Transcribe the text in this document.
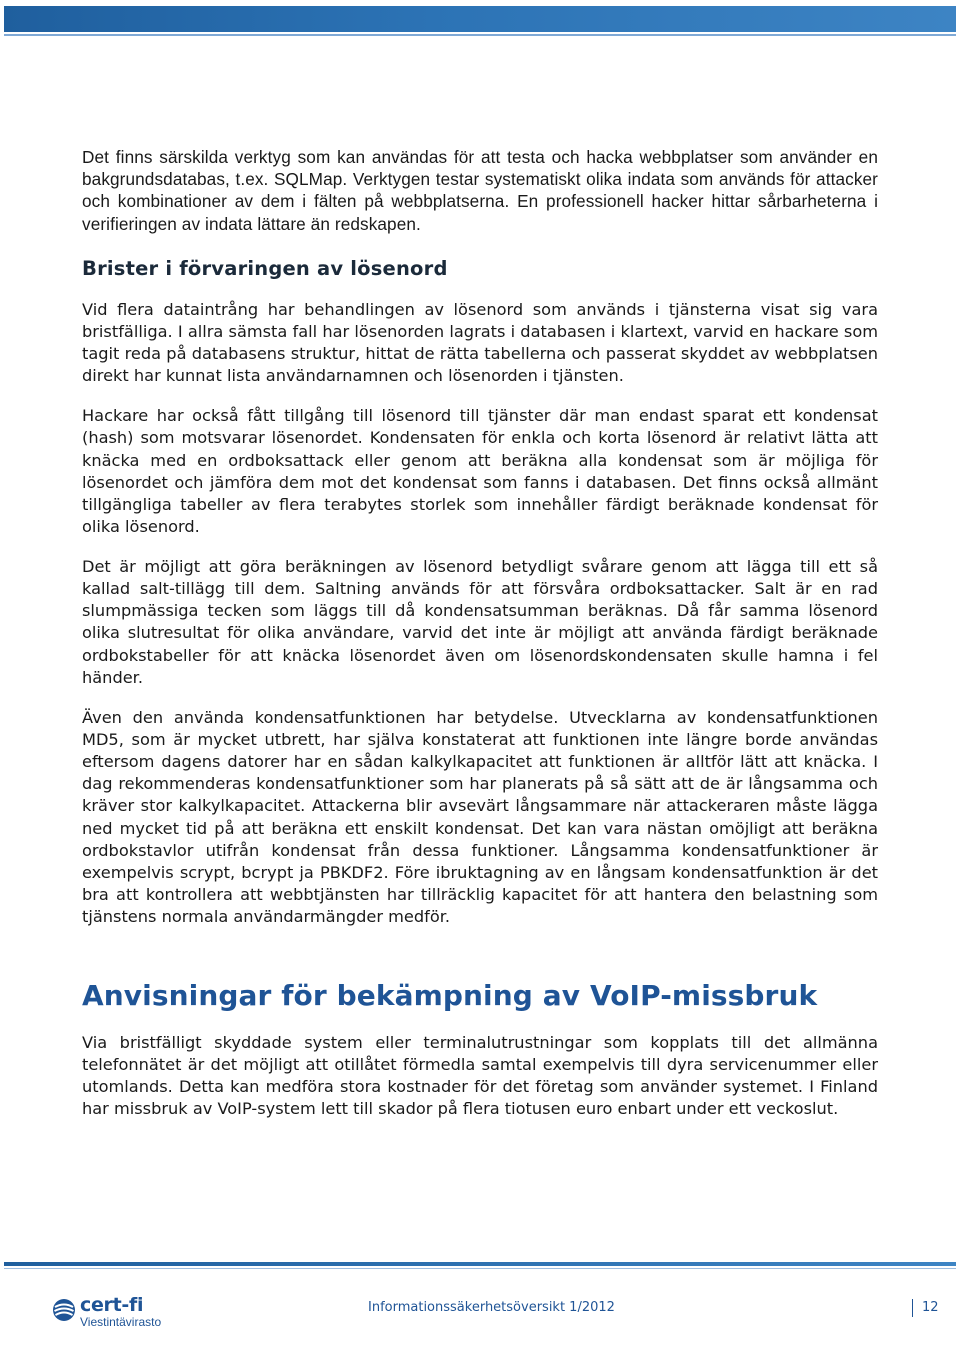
Det finns särskilda verktyg som kan användas för att testa och hacka webbplatser som använder en bakgrundsdatabas, t.ex. SQLMap. Verktygen testar systematiskt olika indata som används för attacker och kombinationer av dem i fälten på webbplatserna. En professionell hacker hittar sårbarheterna i verifieringen av indata lättare än redskapen.

Brister i förvaringen av lösenord

Vid flera dataintrång har behandlingen av lösenord som används i tjänsterna visat sig vara bristfälliga. I allra sämsta fall har lösenorden lagrats i databasen i klartext, varvid en hackare som tagit reda på databasens struktur, hittat de rätta tabellerna och passerat skyddet av webbplatsen direkt har kunnat lista användarnamnen och lösenorden i tjänsten.

Hackare har också fått tillgång till lösenord till tjänster där man endast sparat ett kondensat (hash) som motsvarar lösenordet. Kondensaten för enkla och korta lösenord är relativt lätta att knäcka med en ordboksattack eller genom att beräkna alla kondensat som är möjliga för lösenordet och jämföra dem mot det kondensat som fanns i databasen. Det finns också allmänt tillgängliga tabeller av flera terabytes storlek som innehåller färdigt beräknade kondensat för olika lösenord.

Det är möjligt att göra beräkningen av lösenord betydligt svårare genom att lägga till ett så kallad salt-tillägg till dem. Saltning används för att försvåra ordboksattacker. Salt är en rad slumpmässiga tecken som läggs till då kondensatsumman beräknas. Då får samma lösenord olika slutresultat för olika användare, varvid det inte är möjligt att använda färdigt beräknade ordbokstabeller för att knäcka lösenordet även om lösenordskondensaten skulle hamna i fel händer.

Även den använda kondensatfunktionen har betydelse. Utvecklarna av kondensatfunktionen MD5, som är mycket utbrett, har själva konstaterat att funktionen inte längre borde användas eftersom dagens datorer har en sådan kalkylkapacitet att funktionen är alltför lätt att knäcka. I dag rekommenderas kondensatfunktioner som har planerats på så sätt att de är långsamma och kräver stor kalkylkapacitet. Attackerna blir avsevärt långsammare när attackeraren måste lägga ned mycket tid på att beräkna ett enskilt kondensat. Det kan vara nästan omöjligt att beräkna ordbokstavlor utifrån kondensat från dessa funktioner. Långsamma kondensatfunktioner är exempelvis scrypt, bcrypt ja PBKDF2. Före ibruktagning av en långsam kondensatfunktion är det bra att kontrollera att webbtjänsten har tillräcklig kapacitet för att hantera den belastning som tjänstens normala användarmängder medför.

Anvisningar för bekämpning av VoIP-missbruk

Via bristfälligt skyddade system eller terminalutrustningar som kopplats till det allmänna telefonnätet är det möjligt att otillåtet förmedla samtal exempelvis till dyra servicenummer eller utomlands. Detta kan medföra stora kostnader för det företag som använder systemet. I Finland har missbruk av VoIP-system lett till skador på flera tiotusen euro enbart under ett veckoslut.

cert-fi
Viestintävirasto
Informationssäkerhetsöversikt 1/2012	12
